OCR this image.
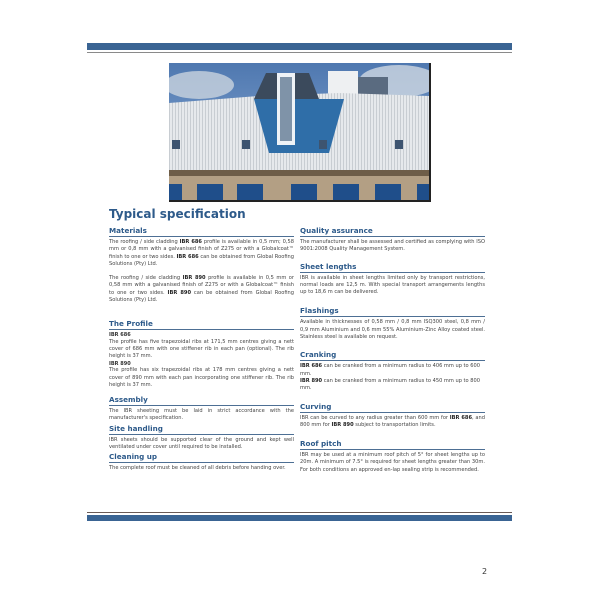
Typical specification
Materials

The roofing / side cladding IBR 686 profile is available in 0,5 mm; 0,58 mm or 0,8 mm with a galvanised finish of Z275 or with a Globalcoat™ finish to one or two sides. IBR 686 can be obtained from Global Roofing Solutions (Pty) Ltd.

The roofing / side cladding IBR 890 profile is available in 0,5 mm or 0,58 mm with a galvanised finish of Z275 or with a Globalcoat™ finish to one or two sides. IBR 890 can be obtained from Global Roofing Solutions (Pty) Ltd.

The Profile
IBR 686

The profile has five trapezoidal ribs at 171,5 mm centres giving a nett cover of 686 mm with one stiffener rib in each pan (optional). The rib height is 37 mm.

IBR 890

The profile has six trapezoidal ribs at 178 mm centres giving a nett cover of 890 mm with each pan incorporating one stiffener rib. The rib height is 37 mm.

Assembly

The IBR sheeting must be laid in strict accordance with the manufacturer's specification.

Site handling

IBR sheets should be supported clear of the ground and kept well ventilated under cover until required to be installed.

Cleaning up

The complete roof must be cleaned of all debris before handing over.

Quality assurance

The manufacturer shall be assessed and certified as complying with ISO 9001:2008 Quality Management System.

Sheet lengths

IBR is available in sheet lengths limited only by transport restrictions, normal loads are 12,5 m. With special transport arrangements lengths up to 18,6 m can be delivered.

Flashings

Available in thicknesses of 0,58 mm / 0,8 mm ISQ300 steel, 0,8 mm / 0,9 mm Aluminium and 0,6 mm 55% Aluminium-Zinc Alloy coated steel. Stainless steel is available on request.

Cranking

IBR 686 can be cranked from a minimum radius to 406 mm up to 600 mm.

IBR 890 can be cranked from a minimum radius to 450 mm up to 800 mm.

Curving

IBR can be curved to any radius greater than 600 mm for IBR 686, and 800 mm for IBR 890 subject to transportation limits.

Roof pitch

IBR may be used at a minimum roof pitch of 5° for sheet lengths up to 20m. A minimum of 7.5° is required for sheet lengths greater than 30m. For both conditions an approved en-lap sealing strip is recommended.

2
